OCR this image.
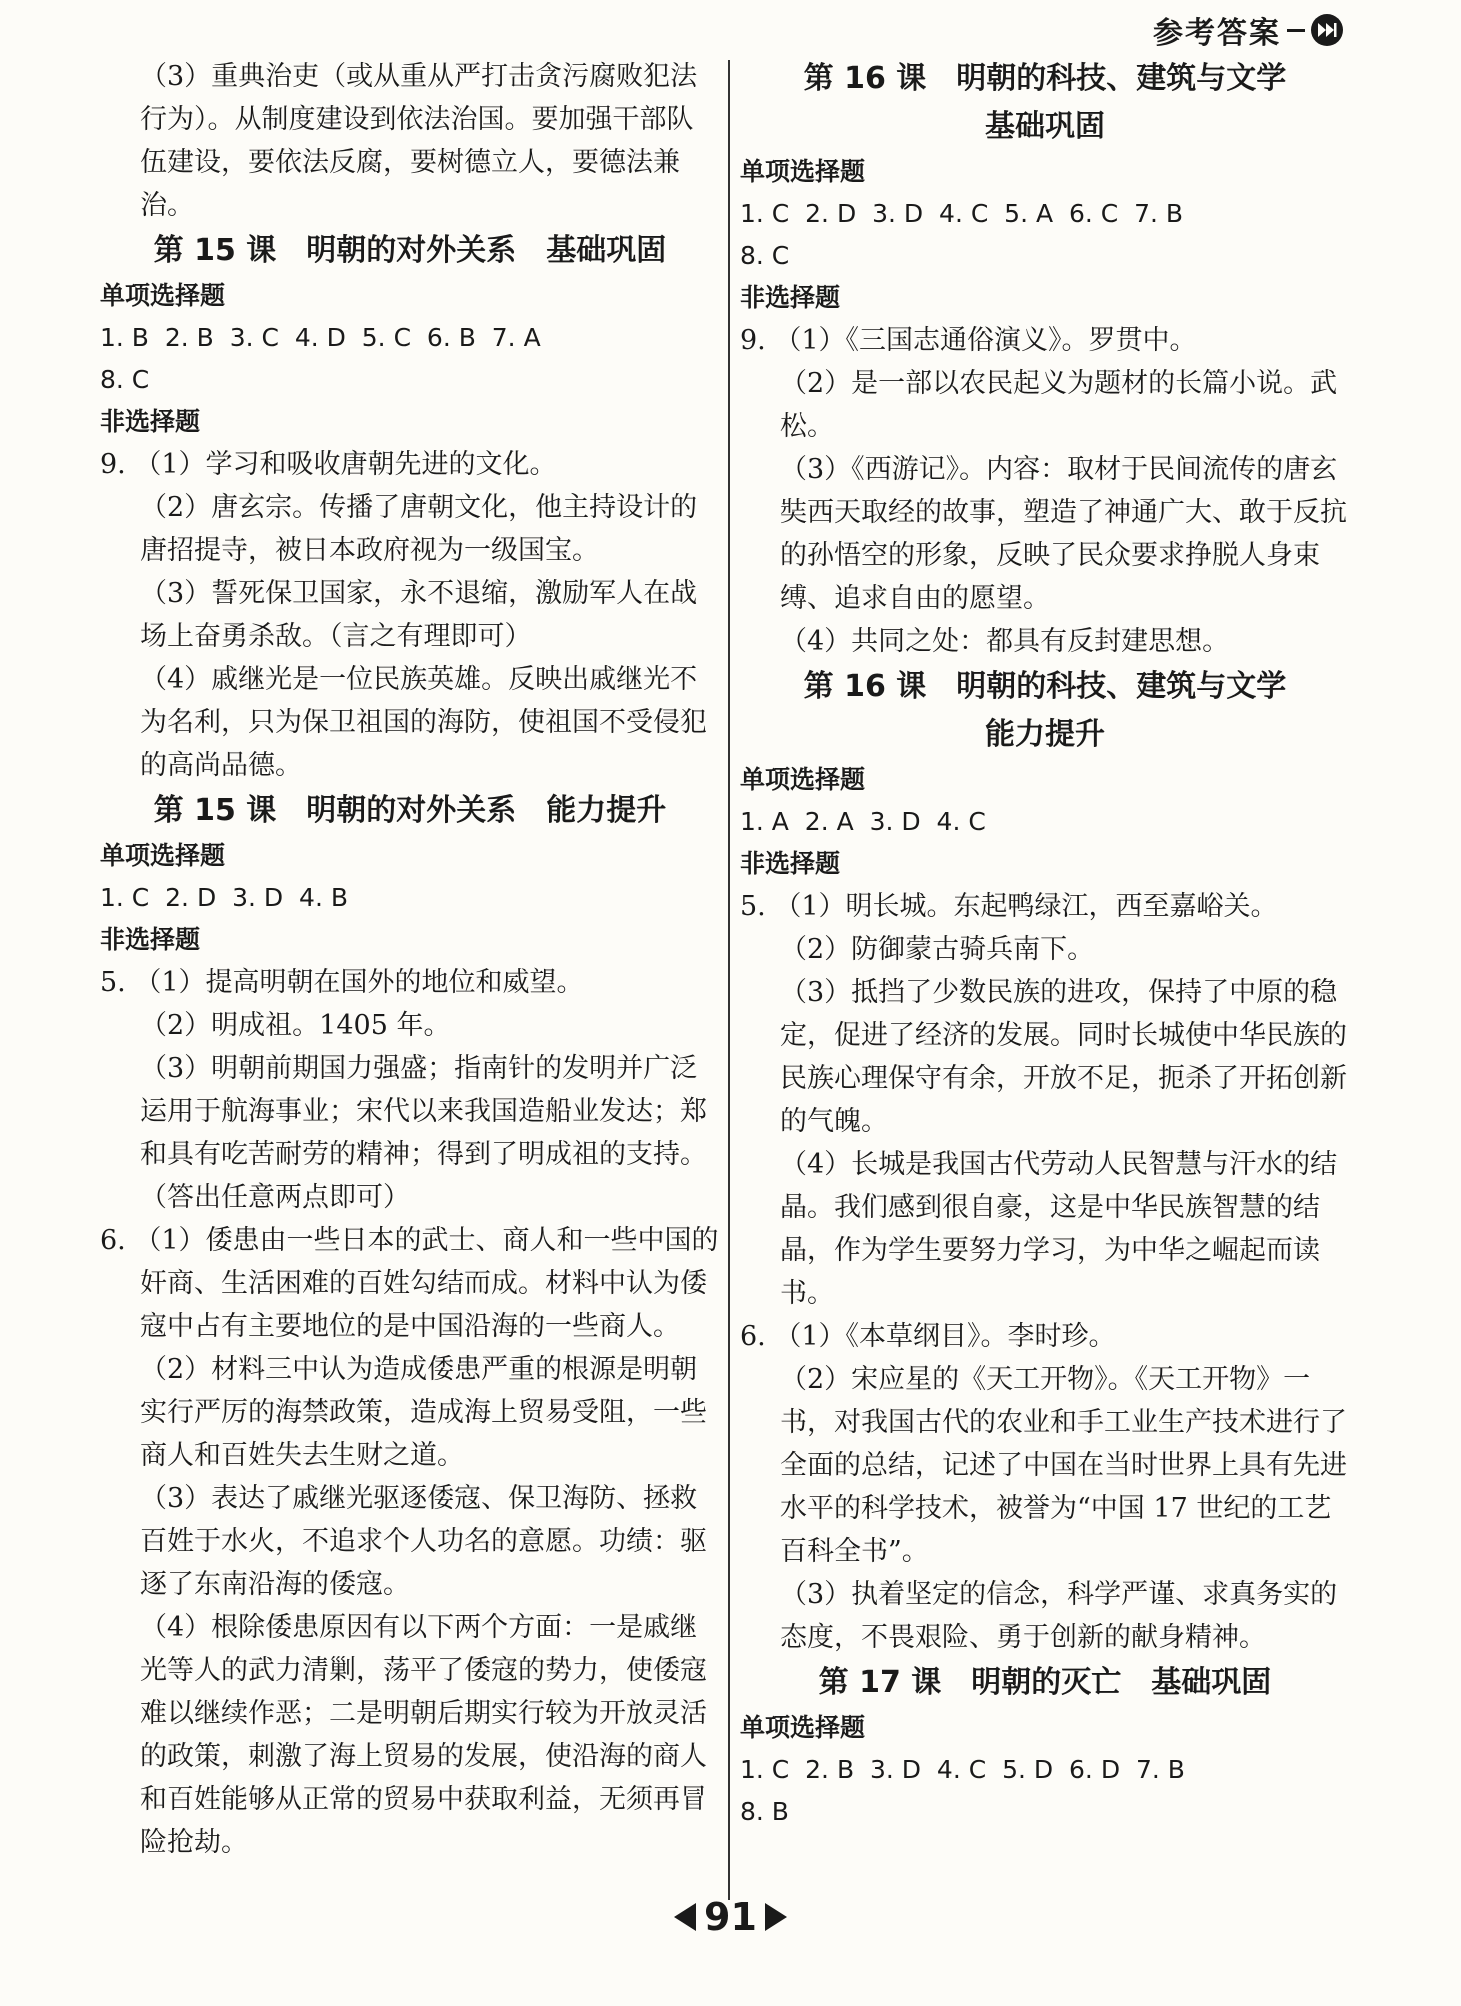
参考答案
（3）重典治吏（或从重从严打击贪污腐败犯法行为）。从制度建设到依法治国。要加强干部队伍建设，要依法反腐，要树德立人，要德法兼治。
第 15 课　明朝的对外关系　基础巩固
单项选择题
1. B  2. B  3. C  4. D  5. C  6. B  7. A
8. C
非选择题
9. （1）学习和吸收唐朝先进的文化。
（2）唐玄宗。传播了唐朝文化，他主持设计的唐招提寺，被日本政府视为一级国宝。
（3）誓死保卫国家，永不退缩，激励军人在战场上奋勇杀敌。（言之有理即可）
（4）戚继光是一位民族英雄。反映出戚继光不为名利，只为保卫祖国的海防，使祖国不受侵犯的高尚品德。
第 15 课　明朝的对外关系　能力提升
单项选择题
1. C  2. D  3. D  4. B
非选择题
5. （1）提高明朝在国外的地位和威望。
（2）明成祖。1405 年。
（3）明朝前期国力强盛；指南针的发明并广泛运用于航海事业；宋代以来我国造船业发达；郑和具有吃苦耐劳的精神；得到了明成祖的支持。（答出任意两点即可）
6. （1）倭患由一些日本的武士、商人和一些中国的奸商、生活困难的百姓勾结而成。材料中认为倭寇中占有主要地位的是中国沿海的一些商人。
（2）材料三中认为造成倭患严重的根源是明朝实行严厉的海禁政策，造成海上贸易受阻，一些商人和百姓失去生财之道。
（3）表达了戚继光驱逐倭寇、保卫海防、拯救百姓于水火，不追求个人功名的意愿。功绩：驱逐了东南沿海的倭寇。
（4）根除倭患原因有以下两个方面：一是戚继光等人的武力清剿，荡平了倭寇的势力，使倭寇难以继续作恶；二是明朝后期实行较为开放灵活的政策，刺激了海上贸易的发展，使沿海的商人和百姓能够从正常的贸易中获取利益，无须再冒险抢劫。
第 16 课　明朝的科技、建筑与文学
基础巩固
单项选择题
1. C  2. D  3. D  4. C  5. A  6. C  7. B
8. C
非选择题
9. （1）《三国志通俗演义》。罗贯中。
（2）是一部以农民起义为题材的长篇小说。武松。
（3）《西游记》。内容：取材于民间流传的唐玄奘西天取经的故事，塑造了神通广大、敢于反抗的孙悟空的形象，反映了民众要求挣脱人身束缚、追求自由的愿望。
（4）共同之处：都具有反封建思想。
第 16 课　明朝的科技、建筑与文学
能力提升
单项选择题
1. A  2. A  3. D  4. C
非选择题
5. （1）明长城。东起鸭绿江，西至嘉峪关。
（2）防御蒙古骑兵南下。
（3）抵挡了少数民族的进攻，保持了中原的稳定，促进了经济的发展。同时长城使中华民族的民族心理保守有余，开放不足，扼杀了开拓创新的气魄。
（4）长城是我国古代劳动人民智慧与汗水的结晶。我们感到很自豪，这是中华民族智慧的结晶，作为学生要努力学习，为中华之崛起而读书。
6. （1）《本草纲目》。李时珍。
（2）宋应星的《天工开物》。《天工开物》一书，对我国古代的农业和手工业生产技术进行了全面的总结，记述了中国在当时世界上具有先进水平的科学技术，被誉为“中国 17 世纪的工艺百科全书”。
（3）执着坚定的信念，科学严谨、求真务实的态度，不畏艰险、勇于创新的献身精神。
第 17 课　明朝的灭亡　基础巩固
单项选择题
1. C  2. B  3. D  4. C  5. D  6. D  7. B
8. B
91
